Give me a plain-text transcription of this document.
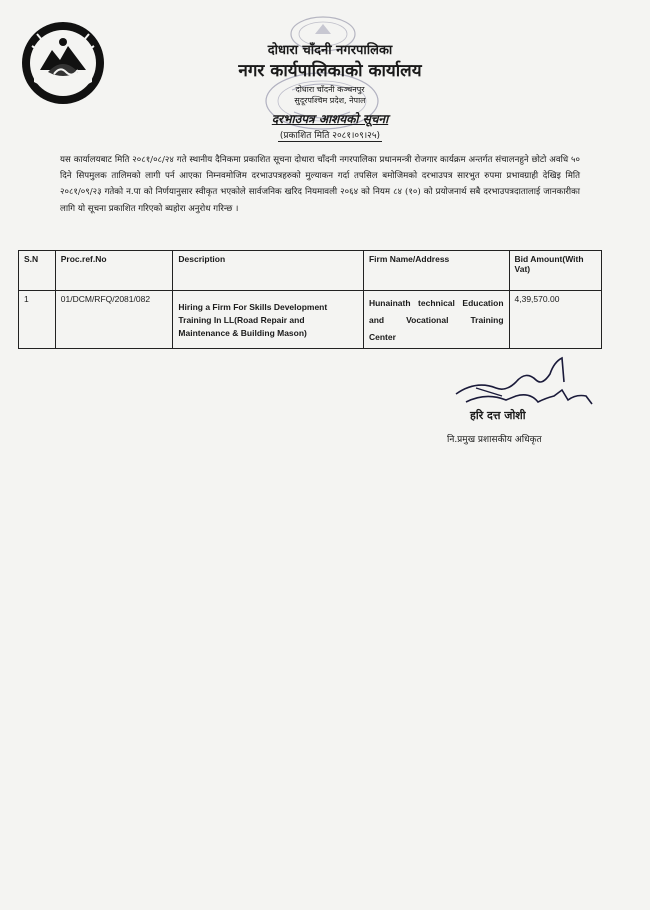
दोधारा चाँदनी नगरपालिका
नगर कार्यपालिकाको कार्यालय
दोधारा चाँदनी कञ्चनपुर
सुदूरपश्चिम प्रदेश, नेपाल
दरभाउपत्र आशयको सूचना
(प्रकाशित मिति २०८१।०९।२५)
यस कार्यालयबाट मिति २०८१/०८/२४ गते स्थानीय दैनिकमा प्रकाशित सूचना दोधारा चाँदनी नगरपालिका प्रधानमन्त्री रोजगार कार्यक्रम अन्तर्गत संचालनहुने छोटो अवधि ५० दिने सिपमुलक तालिमको लागी पर्न आएका निम्नवमोजिम दरभाउपत्रहरुको मुल्याकन गर्दा तपसिल बमोजिमको दरभाउपत्र सारभुत रुपमा प्रभावग्राही देखिइ मिति २०८१/०९/२३ गतेको न.पा को निर्णयानुसार स्वीकृत भएकोले सार्वजनिक खरिद नियमावली २०६४ को नियम ८४ (१०) को प्रयोजनार्थ सबै दरभाउपत्रदातालाई जानकारीका लागि यो सूचना प्रकाशित गरिएको ब्यहोरा अनुरोध गरिन्छ ।
S.N	Proc.ref.No	Description	Firm Name/Address	Bid Amount(With Vat)
1	01/DCM/RFQ/2081/082	Hiring a Firm For Skills Development Training In LL(Road Repair and Maintenance & Building Mason)	Hunainath technical Education
and Vocational Training
Center	4,39,570.00
हरि दत्त जोशी
नि.प्रमुख प्रशासकीय अधिकृत
